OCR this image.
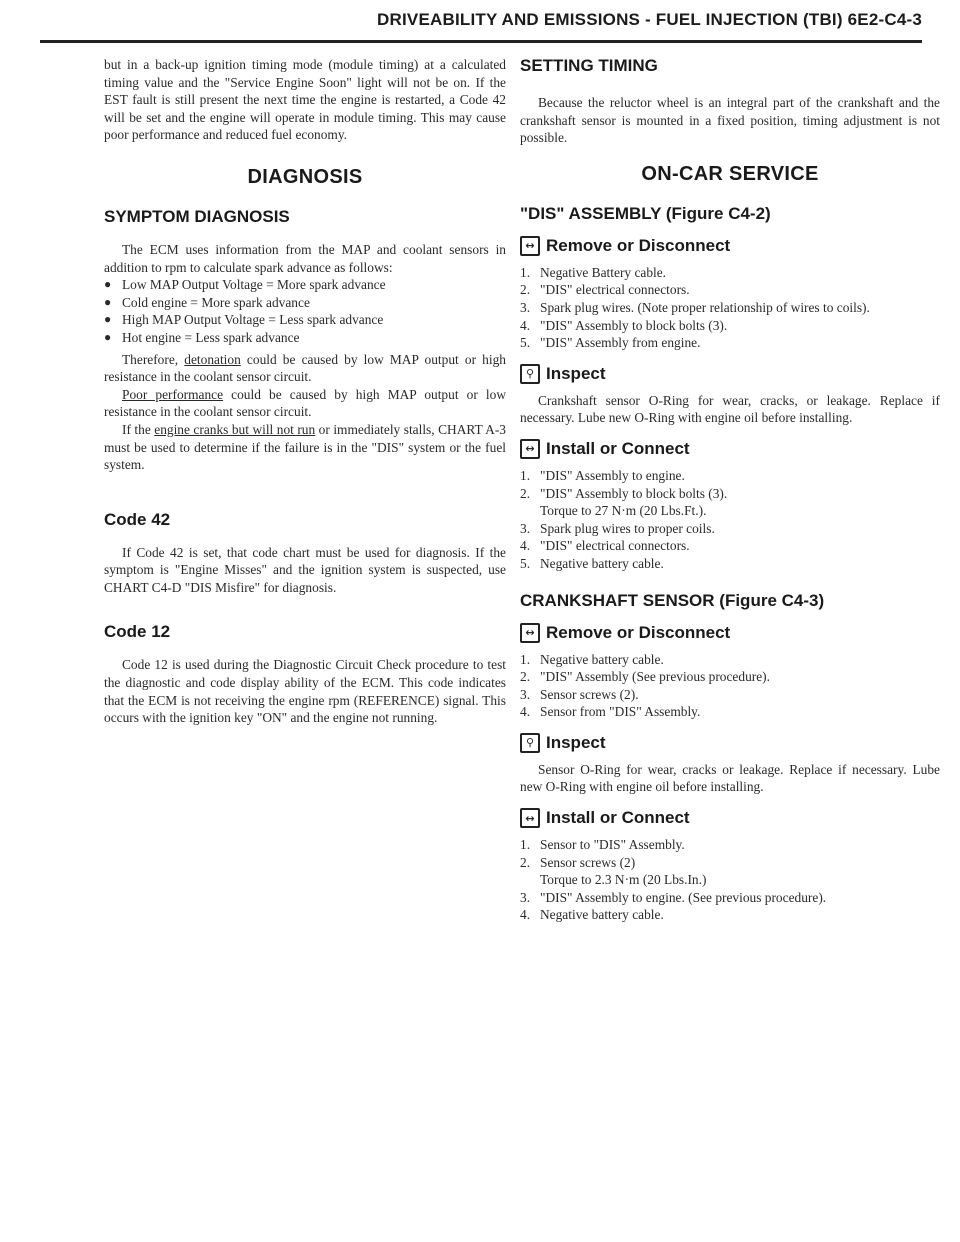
DRIVEABILITY AND EMISSIONS - FUEL INJECTION (TBI) 6E2-C4-3

but in a back-up ignition timing mode (module timing) at a calculated timing value and the "Service Engine Soon" light will not be on. If the EST fault is still present the next time the engine is restarted, a Code 42 will be set and the engine will operate in module timing. This may cause poor performance and reduced fuel economy.

DIAGNOSIS
SYMPTOM DIAGNOSIS

The ECM uses information from the MAP and coolant sensors in addition to rpm to calculate spark advance as follows:

● Low MAP Output Voltage = More spark advance
● Cold engine = More spark advance
● High MAP Output Voltage = Less spark advance
● Hot engine = Less spark advance

Therefore, detonation could be caused by low MAP output or high resistance in the coolant sensor circuit.

Poor performance could be caused by high MAP output or low resistance in the coolant sensor circuit.

If the engine cranks but will not run or immediately stalls, CHART A-3 must be used to determine if the failure is in the "DIS" system or the fuel system.

Code 42

If Code 42 is set, that code chart must be used for diagnosis. If the symptom is "Engine Misses" and the ignition system is suspected, use CHART C4-D "DIS Misfire" for diagnosis.

Code 12

Code 12 is used during the Diagnostic Circuit Check procedure to test the diagnostic and code display ability of the ECM. This code indicates that the ECM is not receiving the engine rpm (REFERENCE) signal. This occurs with the ignition key "ON" and the engine not running.

SETTING TIMING

Because the reluctor wheel is an integral part of the crankshaft and the crankshaft sensor is mounted in a fixed position, timing adjustment is not possible.

ON-CAR SERVICE
"DIS" ASSEMBLY (Figure C4-2)
↔ Remove or Disconnect
1. Negative Battery cable.
2. "DIS" electrical connectors.
3. Spark plug wires. (Note proper relationship of wires to coils).
4. "DIS" Assembly to block bolts (3).
5. "DIS" Assembly from engine.
⚲ Inspect

Crankshaft sensor O-Ring for wear, cracks, or leakage. Replace if necessary. Lube new O-Ring with engine oil before installing.

↔ Install or Connect
1. "DIS" Assembly to engine.
2. "DIS" Assembly to block bolts (3).
Torque to 27 N·m (20 Lbs.Ft.).
3. Spark plug wires to proper coils.
4. "DIS" electrical connectors.
5. Negative battery cable.
CRANKSHAFT SENSOR (Figure C4-3)
↔ Remove or Disconnect
1. Negative battery cable.
2. "DIS" Assembly (See previous procedure).
3. Sensor screws (2).
4. Sensor from "DIS" Assembly.
⚲ Inspect

Sensor O-Ring for wear, cracks or leakage. Replace if necessary. Lube new O-Ring with engine oil before installing.

↔ Install or Connect
1. Sensor to "DIS" Assembly.
2. Sensor screws (2)
Torque to 2.3 N·m (20 Lbs.In.)
3. "DIS" Assembly to engine. (See previous procedure).
4. Negative battery cable.
